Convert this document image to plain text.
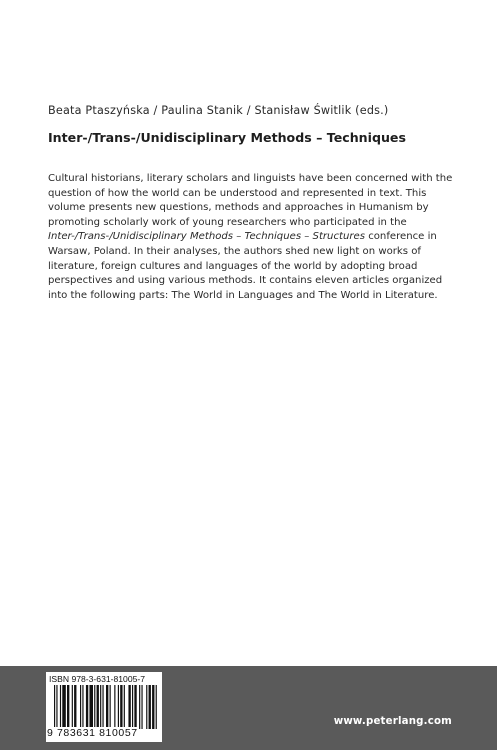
Beata Ptaszyńska / Paulina Stanik / Stanisław Świtlik (eds.)
Inter-/Trans-/Unidisciplinary Methods – Techniques
Cultural historians, literary scholars and linguists have been concerned with the question of how the world can be understood and represented in text. This volume presents new questions, methods and approaches in Humanism by promoting scholarly work of young researchers who participated in the Inter-/Trans-/Unidisciplinary Methods – Techniques – Structures conference in Warsaw, Poland. In their analyses, the authors shed new light on works of literature, foreign cultures and languages of the world by adopting broad perspectives and using various methods. It contains eleven articles organized into the following parts: The World in Languages and The World in Literature.
ISBN 978-3-631-81005-7
9 783631 810057
www.peterlang.com
